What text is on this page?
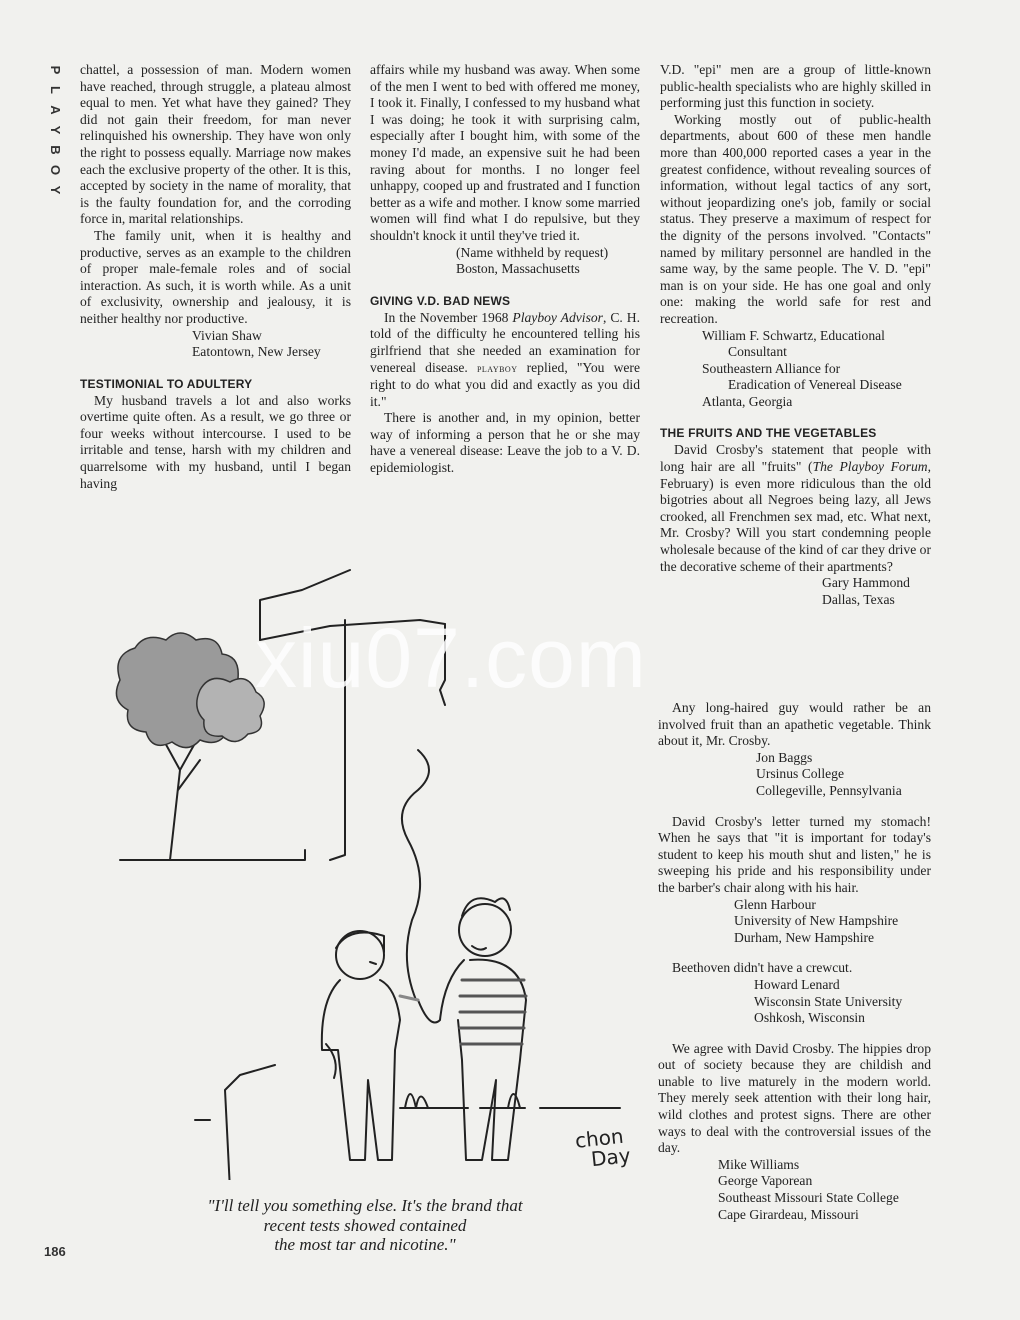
P
L
A
Y
B
O
Y

chattel, a possession of man. Modern women have reached, through struggle, a plateau almost equal to men. Yet what have they gained? They did not gain their freedom, for man never relinquished his ownership. They have won only the right to possess equally. Marriage now makes each the exclusive property of the other. It is this, accepted by society in the name of morality, that is the faulty foundation for, and the corroding force in, marital relationships.

The family unit, when it is healthy and productive, serves as an example to the children of proper male-female roles and of social interaction. As such, it is worth while. As a unit of exclusivity, ownership and jealousy, it is neither healthy nor productive.

Vivian Shaw
Eatontown, New Jersey
TESTIMONIAL TO ADULTERY

My husband travels a lot and also works overtime quite often. As a result, we go three or four weeks without intercourse. I used to be irritable and tense, harsh with my children and quarrelsome with my husband, until I began having

affairs while my husband was away. When some of the men I went to bed with offered me money, I took it. Finally, I confessed to my husband what I was doing; he took it with surprising calm, especially after I bought him, with some of the money I'd made, an expensive suit he had been raving about for months. I no longer feel unhappy, cooped up and frustrated and I function better as a wife and mother. I know some married women will find what I do repulsive, but they shouldn't knock it until they've tried it.

(Name withheld by request)
Boston, Massachusetts
GIVING V.D. BAD NEWS

In the November 1968 Playboy Advisor, C. H. told of the difficulty he encountered telling his girlfriend that she needed an examination for venereal disease. playboy replied, "You were right to do what you did and exactly as you did it."

There is another and, in my opinion, better way of informing a person that he or she may have a venereal disease: Leave the job to a V. D. epidemiologist.

V.D. "epi" men are a group of little-known public-health specialists who are highly skilled in performing just this function in society.

Working mostly out of public-health departments, about 600 of these men handle more than 400,000 reported cases a year in the greatest confidence, without revealing sources of information, without legal tactics of any sort, without jeopardizing one's job, family or social status. They preserve a maximum of respect for the dignity of the persons involved. "Contacts" named by military personnel are handled in the same way, by the same people. The V. D. "epi" man is on your side. He has one goal and only one: making the world safe for rest and recreation.

William F. Schwartz, Educational
Consultant
Southeastern Alliance for
Eradication of Venereal Disease
Atlanta, Georgia
THE FRUITS AND THE VEGETABLES

David Crosby's statement that people with long hair are all "fruits" (The Playboy Forum, February) is even more ridiculous than the old bigotries about all Negroes being lazy, all Jews crooked, all Frenchmen sex mad, etc. What next, Mr. Crosby? Will you start condemning people wholesale because of the kind of car they drive or the decorative scheme of their apartments?

Gary Hammond
Dallas, Texas

Any long-haired guy would rather be an involved fruit than an apathetic vegetable. Think about it, Mr. Crosby.

Jon Baggs
Ursinus College
Collegeville, Pennsylvania

David Crosby's letter turned my stomach! When he says that "it is important for today's student to keep his mouth shut and listen," he is sweeping his pride and his responsibility under the barber's chair along with his hair.

Glenn Harbour
University of New Hampshire
Durham, New Hampshire

Beethoven didn't have a crewcut.

Howard Lenard
Wisconsin State University
Oshkosh, Wisconsin

We agree with David Crosby. The hippies drop out of society because they are childish and unable to live maturely in the modern world. They merely seek attention with their long hair, wild clothes and protest signs. There are other ways to deal with the controversial issues of the day.

Mike Williams
George Vaporean
Southeast Missouri State College
Cape Girardeau, Missouri
chon
Day
"I'll tell you something else. It's the brand that
recent tests showed contained
the most tar and nicotine."
xiu07.com
186
